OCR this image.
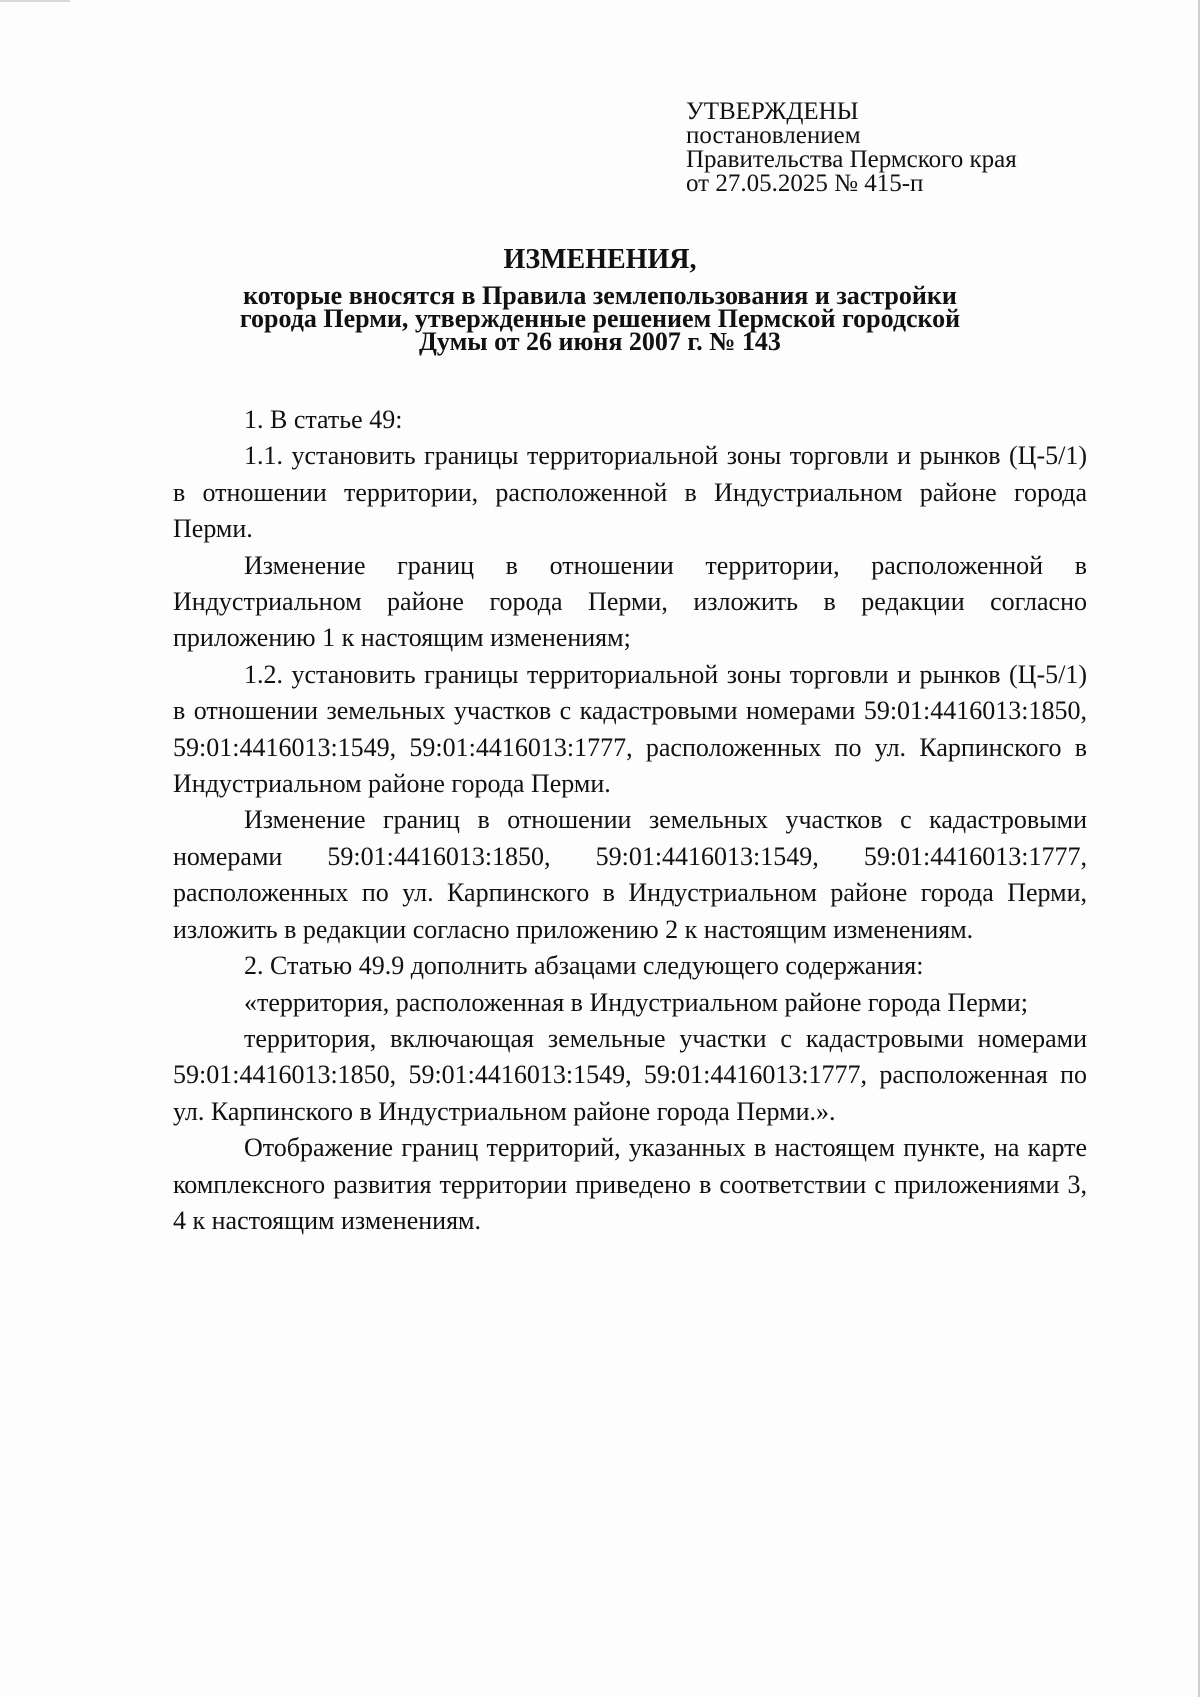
УТВЕРЖДЕНЫ
постановлением
Правительства Пермского края
от 27.05.2025 № 415-п
ИЗМЕНЕНИЯ,
которые вносятся в Правила землепользования и застройки
города Перми, утвержденные решением Пермской городской
Думы от 26 июня 2007 г. № 143

1. В статье 49:

1.1. установить границы территориальной зоны торговли и рынков (Ц-5/1) в отношении территории, расположенной в Индустриальном районе города Перми.

Изменение границ в отношении территории, расположенной в Индустриальном районе города Перми, изложить в редакции согласно приложению 1 к настоящим изменениям;

1.2. установить границы территориальной зоны торговли и рынков (Ц-5/1) в отношении земельных участков с кадастровыми номерами 59:01:4416013:1850, 59:01:4416013:1549, 59:01:4416013:1777, расположенных по ул. Карпинского в Индустриальном районе города Перми.

Изменение границ в отношении земельных участков с кадастровыми номерами 59:01:4416013:1850, 59:01:4416013:1549, 59:01:4416013:1777, расположенных по ул. Карпинского в Индустриальном районе города Перми, изложить в редакции согласно приложению 2 к настоящим изменениям.

2. Статью 49.9 дополнить абзацами следующего содержания:

«территория, расположенная в Индустриальном районе города Перми;

территория, включающая земельные участки с кадастровыми номерами 59:01:4416013:1850, 59:01:4416013:1549, 59:01:4416013:1777, расположенная по ул. Карпинского в Индустриальном районе города Перми.».

Отображение границ территорий, указанных в настоящем пункте, на карте комплексного развития территории приведено в соответствии с приложениями 3, 4 к настоящим изменениям.
